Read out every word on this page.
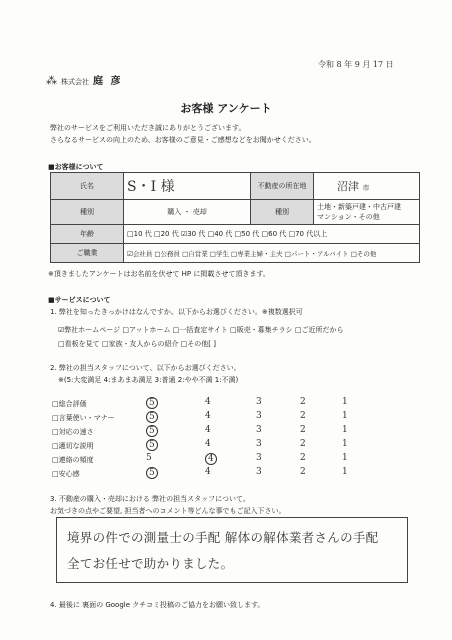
令和 8 年 9 月 17 日
⁂ 株式会社 庭 彦
お客様 アンケート
弊社のサービスをご利用いただき誠にありがとうございます。
さらなるサービスの向上のため、お客様のご意見・ご感想などをお聞かせください。
■お客様について
氏名	S・I 様	不動産の所在地	沼津 市
種別	購入 ・ 売却	種別	土地・新築戸建・中古戸建
マンション・その他

年齢	□10 代 □20 代 ☑30 代 □40 代 □50 代 □60 代 □70 代以上		
ご職業	☑会社員 □公務員 □自営業 □学生 □専業主婦・主夫 □パート・アルバイト □その他		
※頂きましたアンケートはお名前を伏せて HP に掲載させて頂きます。
■サービスについて
1. 弊社を知ったきっかけはなんですか。以下からお選びください。※複数選択可
☑弊社ホームページ □アットホーム □一括査定サイト □販売・募集チラシ □ご近所だから
□看板を見て □家族・友人からの紹介 □その他[ ]
2. 弊社の担当スタッフについて、以下からお選びください。
※(5:大変満足 4:まあまあ満足 3:普通 2:やや不満 1:不満)
□総合評価	5	4	3	2	1
□言葉使い・マナー	5	4	3	2	1
□対応の速さ	5	4	3	2	1
□適切な説明	5	4	3	2	1
□連絡の頻度	5	4	3	2	1
□安心感	5	4	3	2	1
3. 不動産の購入・売却における 弊社の担当スタッフについて。
お気づきの点やご要望, 担当者へのコメント等どんな事でもご記入下さい。
境界の件での測量士の手配 解体の解体業者さんの手配
全てお任せで助かりました。
4. 最後に 裏面の Google クチコミ投稿のご協力をお願い致します。
